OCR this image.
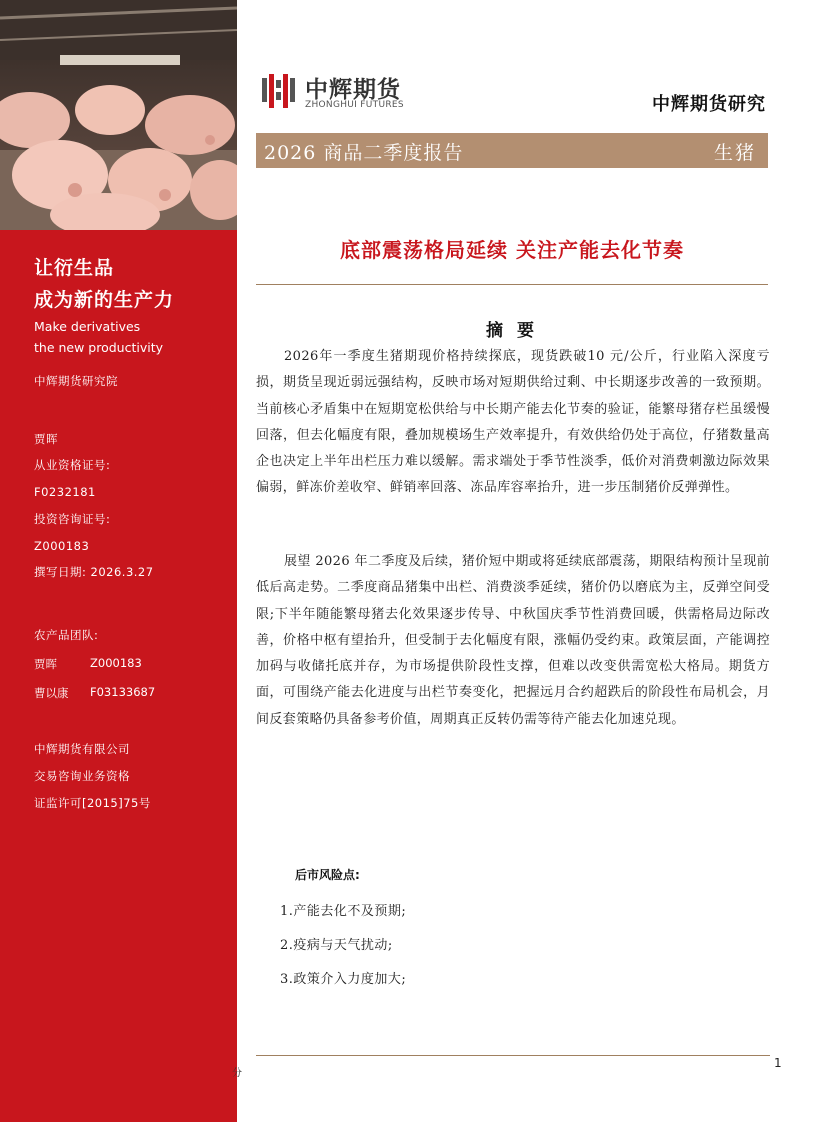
让衍生品
成为新的生产力
Make derivatives
the new productivity
中辉期货研究院
贾晖
从业资格证号:
F0232181
投资咨询证号:
Z000183
撰写日期: 2026.3.27
农产品团队:
贾晖	Z000183
曹以康 F03133687
中辉期货有限公司
交易咨询业务资格
证监许可[2015]75号
中辉期货
ZHONGHUI FUTURES	中辉期货研究
2026 商品二季度报告	生猪
底部震荡格局延续 关注产能去化节奏
摘 要
2026年一季度生猪期现价格持续探底，现货跌破10 元/公斤，行业陷入深度亏损，期货呈现近弱远强结构，反映市场对短期供给过剩、中长期逐步改善的一致预期。当前核心矛盾集中在短期宽松供给与中长期产能去化节奏的验证，能繁母猪存栏虽缓慢回落，但去化幅度有限，叠加规模场生产效率提升，有效供给仍处于高位，仔猪数量高企也决定上半年出栏压力难以缓解。需求端处于季节性淡季，低价对消费刺激边际效果偏弱，鲜冻价差收窄、鲜销率回落、冻品库容率抬升，进一步压制猪价反弹弹性。
展望 2026 年二季度及后续，猪价短中期或将延续底部震荡，期限结构预计呈现前低后高走势。二季度商品猪集中出栏、消费淡季延续，猪价仍以磨底为主，反弹空间受限;下半年随能繁母猪去化效果逐步传导、中秋国庆季节性消费回暖，供需格局边际改善，价格中枢有望抬升，但受制于去化幅度有限，涨幅仍受约束。政策层面，产能调控加码与收储托底并存，为市场提供阶段性支撑，但难以改变供需宽松大格局。期货方面，可围绕产能去化进度与出栏节奏变化，把握远月合约超跌后的阶段性布局机会，月间反套策略仍具备参考价值，周期真正反转仍需等待产能去化加速兑现。
后市风险点:
1.产能去化不及预期;
2.疫病与天气扰动;
3.政策介入力度加大;
分
1
